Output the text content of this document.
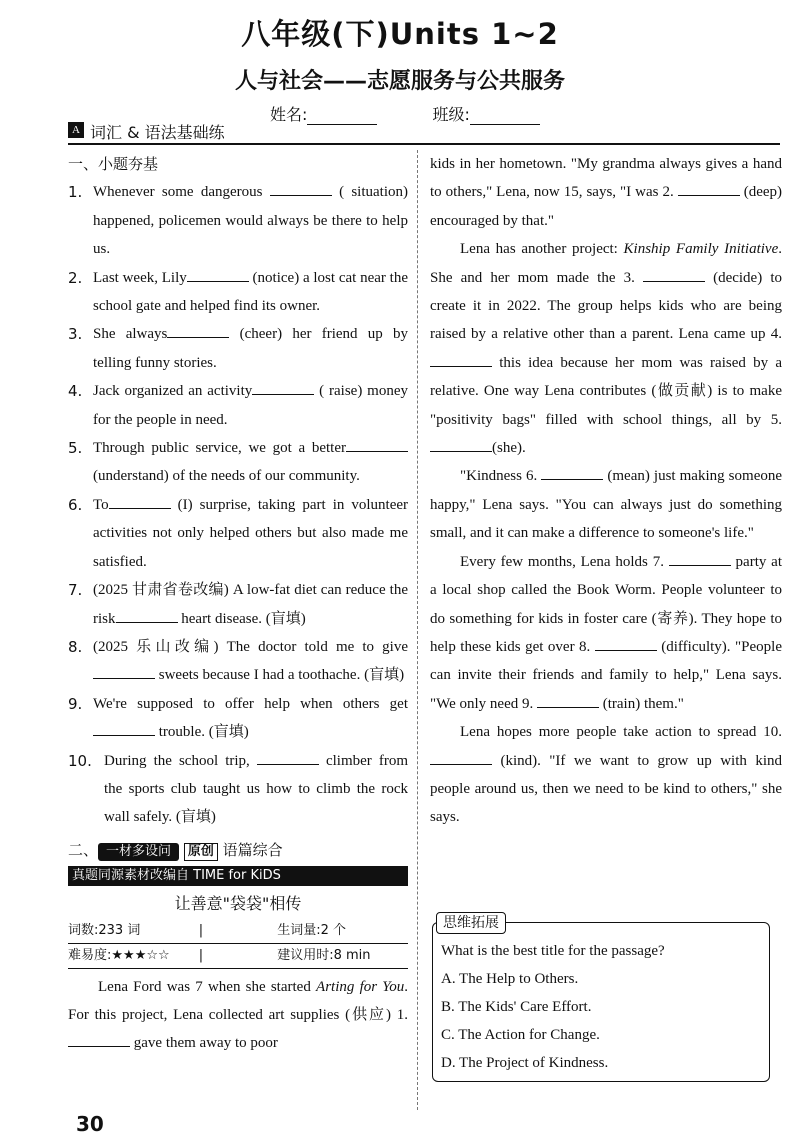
八年级(下)Units 1~2
人与社会——志愿服务与公共服务
姓名:	班级:
A 词汇 & 语法基础练
一、小题夯基
1. Whenever some dangerous	( situation) happened, policemen would always be there to help us.
2. Last week, Lily	(notice) a lost cat near the school gate and helped find its owner.
3. She always	(cheer) her friend up by telling funny stories.
4. Jack organized an activity	( raise) money for the people in need.
5. Through public service, we got a better (understand) of the needs of our community.
6. To	(I) surprise, taking part in volunteer activities not only helped others but also made me satisfied.
7. (2025 甘肃省卷改编) A low-fat diet can reduce the risk	heart disease. (盲填)
8. (2025 乐山改编) The doctor told me to give  sweets because I had a toothache. (盲填)
9. We're supposed to offer help when others get  trouble. (盲填)
10. During the school trip,	climber from the sports club taught us how to climb the rock wall safely. (盲填)
二、 一材多设问 原创 语篇综合
真题同源素材改编自 TIME for KiDS
让善意"袋袋"相传
词数:233 词	|	生词量:2 个
难易度:★★★☆☆	|	建议用时:8 min
Lena Ford was 7 when she started Arting for You. For this project, Lena collected art supplies (供应) 1.  gave them away to poor
kids in her hometown. "My grandma always gives a hand to others," Lena, now 15, says, "I was 2.	(deep) encouraged by that."
Lena has another project: Kinship Family Initiative. She and her mom made the 3.	(decide) to create it in 2022. The group helps kids who are being raised by a relative other than a parent. Lena came up 4.  this idea because her mom was raised by a relative. One way Lena contributes (做贡献) is to make "positivity bags" filled with school things, all by 5. (she).
"Kindness 6.	(mean) just making someone happy," Lena says. "You can always just do something small, and it can make a difference to someone's life."
Every few months, Lena holds 7.	party at a local shop called the Book Worm. People volunteer to do something for kids in foster care (寄养). They hope to help these kids get over 8.	(difficulty). "People can invite their friends and family to help," Lena says. "We only need 9.	(train) them."
Lena hopes more people take action to spread 10.  (kind). "If we want to grow up with kind people around us, then we need to be kind to others," she says.
What is the best title for the passage?
A. The Help to Others.
B. The Kids' Care Effort.
C. The Action for Change.
D. The Project of Kindness.
思维拓展
30
